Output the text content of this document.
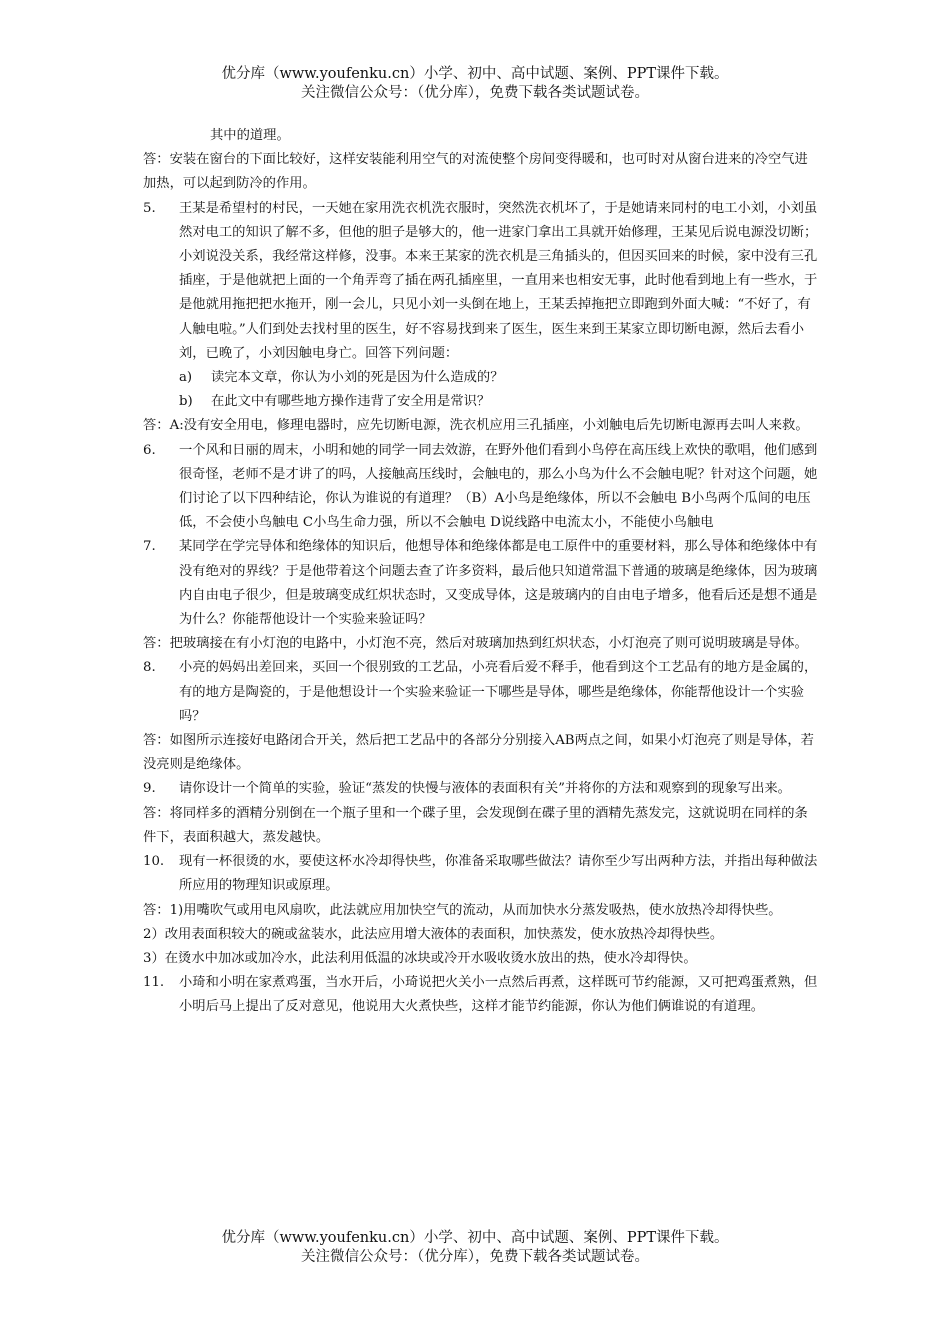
优分库（www.youfenku.cn）小学、初中、高中试题、案例、PPT课件下载。
关注微信公众号：（优分库），免费下载各类试题试卷。

其中的道理。

答：安装在窗台的下面比较好，这样安装能利用空气的对流使整个房间变得暖和，也可时对从窗台进来的冷空气进加热，可以起到防冷的作用。

5.	王某是希望村的村民，一天她在家用洗衣机洗衣服时，突然洗衣机坏了，于是她请来同村的电工小刘，小刘虽然对电工的知识了解不多，但他的胆子是够大的，他一进家门拿出工具就开始修理，王某见后说电源没切断；小刘说没关系，我经常这样修，没事。本来王某家的洗衣机是三角插头的，但因买回来的时候，家中没有三孔插座，于是他就把上面的一个角弄弯了插在两孔插座里，一直用来也相安无事，此时他看到地上有一些水，于是他就用拖把把水拖开，刚一会儿，只见小刘一头倒在地上，王某丢掉拖把立即跑到外面大喊：“不好了，有人触电啦。”人们到处去找村里的医生，好不容易找到来了医生，医生来到王某家立即切断电源，然后去看小刘，已晚了，小刘因触电身亡。回答下列问题：
a)	读完本文章，你认为小刘的死是因为什么造成的？
b)	在此文中有哪些地方操作违背了安全用是常识？

答：A:没有安全用电，修理电器时，应先切断电源，洗衣机应用三孔插座，小刘触电后先切断电源再去叫人来救。

6.	一个风和日丽的周末，小明和她的同学一同去效游，在野外他们看到小鸟停在高压线上欢快的歌唱，他们感到很奇怪，老师不是才讲了的吗，人接触高压线时，会触电的，那么小鸟为什么不会触电呢？针对这个问题，她们讨论了以下四种结论，你认为谁说的有道理？（B）A小鸟是绝缘体，所以不会触电 B小鸟两个瓜间的电压低，不会使小鸟触电 C小鸟生命力强，所以不会触电 D说线路中电流太小，不能使小鸟触电
7.	某同学在学完导体和绝缘体的知识后，他想导体和绝缘体都是电工原件中的重要材料，那么导体和绝缘体中有没有绝对的界线？于是他带着这个问题去查了许多资料，最后他只知道常温下普通的玻璃是绝缘体，因为玻璃内自由电子很少，但是玻璃变成红炽状态时，又变成导体，这是玻璃内的自由电子增多，他看后还是想不通是为什么？你能帮他设计一个实验来验证吗？

答：把玻璃接在有小灯泡的电路中，小灯泡不亮，然后对玻璃加热到红炽状态，小灯泡亮了则可说明玻璃是导体。

8.	小亮的妈妈出差回来，买回一个很别致的工艺品，小亮看后爱不释手，他看到这个工艺品有的地方是金属的，有的地方是陶瓷的，于是他想设计一个实验来验证一下哪些是导体，哪些是绝缘体，你能帮他设计一个实验吗？

答：如图所示连接好电路闭合开关，然后把工艺品中的各部分分别接入AB两点之间，如果小灯泡亮了则是导体，若没亮则是绝缘体。

9.	请你设计一个简单的实验，验证“蒸发的快慢与液体的表面积有关”并将你的方法和观察到的现象写出来。

答：将同样多的酒精分别倒在一个瓶子里和一个碟子里，会发现倒在碟子里的酒精先蒸发完，这就说明在同样的条件下，表面积越大，蒸发越快。

10.	现有一杯很烫的水，要使这杯水冷却得快些，你准备采取哪些做法？请你至少写出两种方法，并指出每种做法所应用的物理知识或原理。

答：1)用嘴吹气或用电风扇吹，此法就应用加快空气的流动，从而加快水分蒸发吸热，使水放热冷却得快些。

2）改用表面积较大的碗或盆装水，此法应用增大液体的表面积，加快蒸发，使水放热冷却得快些。

3）在烫水中加冰或加冷水，此法利用低温的冰块或冷开水吸收烫水放出的热，使水冷却得快。

11.	小琦和小明在家煮鸡蛋，当水开后，小琦说把火关小一点然后再煮，这样既可节约能源，又可把鸡蛋煮熟，但小明后马上提出了反对意见，他说用大火煮快些，这样才能节约能源，你认为他们俩谁说的有道理。
优分库（www.youfenku.cn）小学、初中、高中试题、案例、PPT课件下载。
关注微信公众号：（优分库），免费下载各类试题试卷。
